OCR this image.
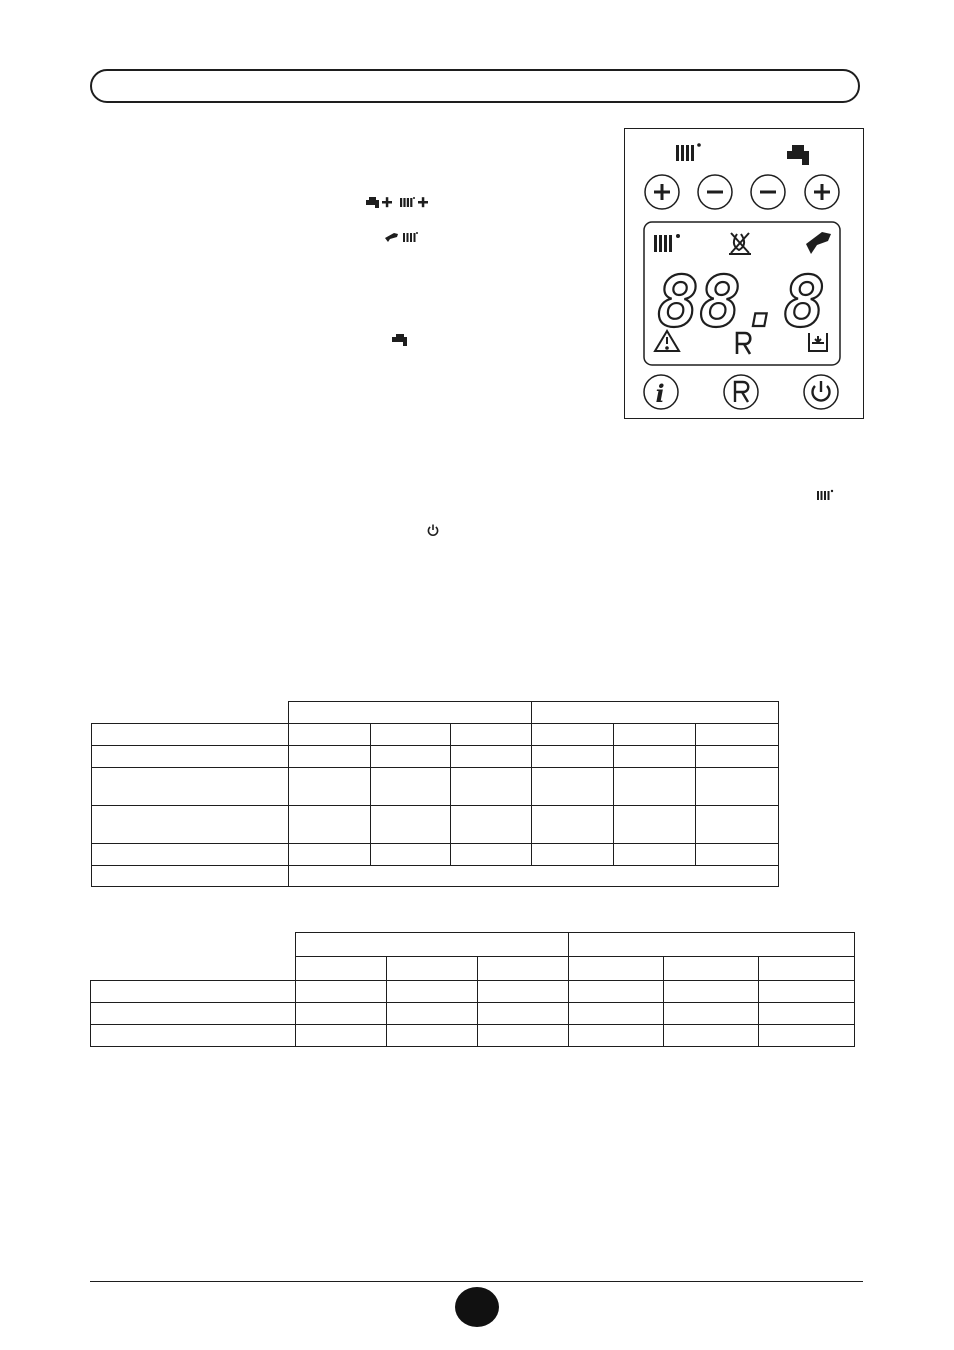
88.8
i
